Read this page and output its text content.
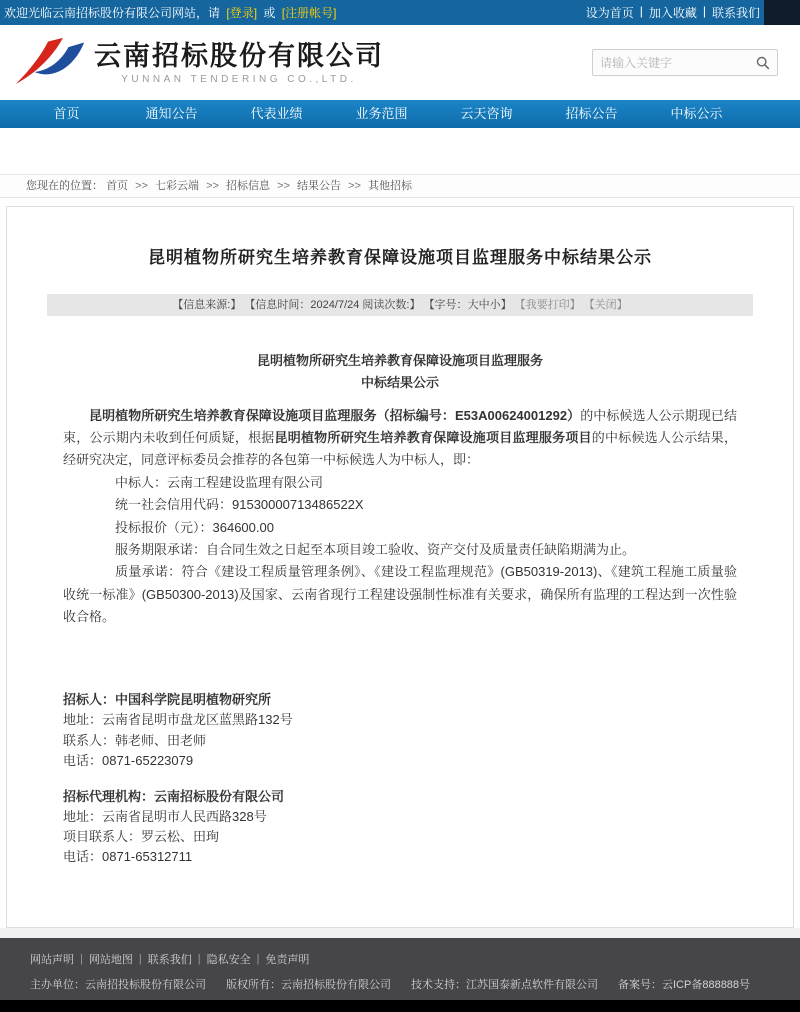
欢迎光临云南招标股份有限公司网站，请 [登录] 或 [注册帐号]	设为首页 | 加入收藏 | 联系我们
云南招标股份有限公司
YUNNAN TENDERING CO.,LTD.
请输入关键字
首页	通知公告	代表业绩	业务范围	云天咨询	招标公告	中标公示
您现在的位置： 首页 >> 七彩云端 >> 招标信息 >> 结果公告 >> 其他招标
昆明植物所研究生培养教育保障设施项目监理服务中标结果公示
【信息来源:】 【信息时间：2024/7/24 阅读次数:】 【字号：大中小】 【我要打印】 【关闭】
昆明植物所研究生培养教育保障设施项目监理服务
中标结果公示

昆明植物所研究生培养教育保障设施项目监理服务（招标编号：E53A00624001292）的中标候选人公示期现已结束，公示期内未收到任何质疑，根据昆明植物所研究生培养教育保障设施项目监理服务项目的中标候选人公示结果，经研究决定，同意评标委员会推荐的各包第一中标候选人为中标人，即：

中标人：云南工程建设监理有限公司

统一社会信用代码：91530000713486522X

投标报价（元）：364600.00

服务期限承诺：自合同生效之日起至本项目竣工验收、资产交付及质量责任缺陷期满为止。

质量承诺：符合《建设工程质量管理条例》、《建设工程监理规范》(GB50319-2013)、《建筑工程施工质量验收统一标准》(GB50300-2013)及国家、云南省现行工程建设强制性标准有关要求，确保所有监理的工程达到一次性验收合格。

招标人：中国科学院昆明植物研究所
地址：云南省昆明市盘龙区蓝黑路132号
联系人：韩老师、田老师
电话：0871-65223079
招标代理机构：云南招标股份有限公司
地址：云南省昆明市人民西路328号
项目联系人：罗云松、田珣
电话：0871-65312711
网站声明 | 网站地图 | 联系我们 | 隐私安全 | 免责声明
主办单位：云南招投标股份有限公司 版权所有：云南招标股份有限公司 技术支持：江苏国泰新点软件有限公司 备案号：云ICP备888888号
